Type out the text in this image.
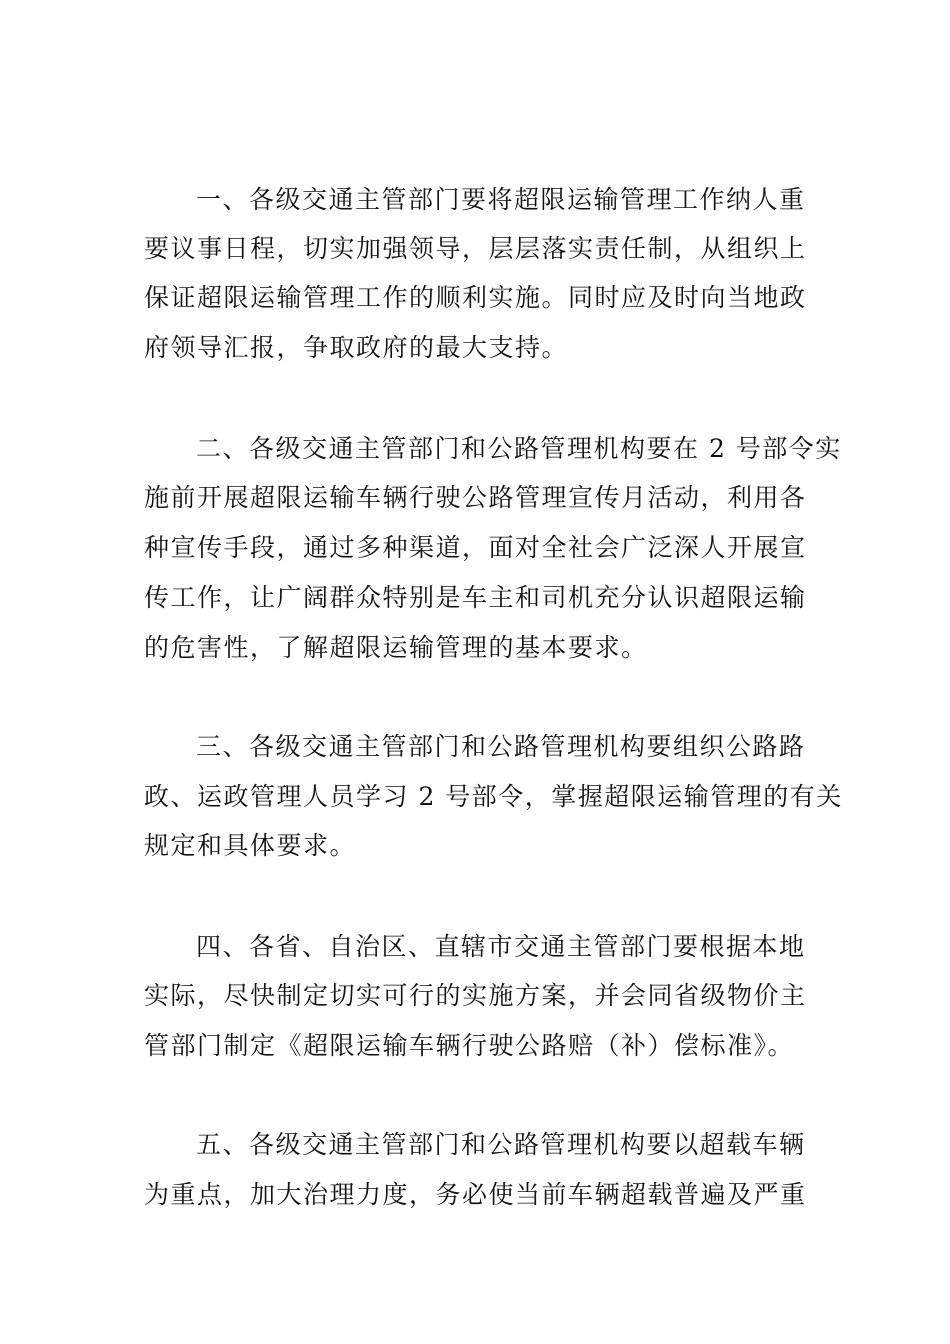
一、各级交通主管部门要将超限运输管理工作纳人重
要议事日程，切实加强领导，层层落实责任制，从组织上
保证超限运输管理工作的顺利实施。同时应及时向当地政
府领导汇报，争取政府的最大支持。
二、各级交通主管部门和公路管理机构要在 2 号部令实
施前开展超限运输车辆行驶公路管理宣传月活动，利用各
种宣传手段，通过多种渠道，面对全社会广泛深人开展宣
传工作，让广阔群众特别是车主和司机充分认识超限运输
的危害性，了解超限运输管理的基本要求。
三、各级交通主管部门和公路管理机构要组织公路路
政、运政管理人员学习 2 号部令，掌握超限运输管理的有关
规定和具体要求。
四、各省、自治区、直辖市交通主管部门要根据本地
实际，尽快制定切实可行的实施方案，并会同省级物价主
管部门制定《超限运输车辆行驶公路赔（补）偿标准》。
五、各级交通主管部门和公路管理机构要以超载车辆
为重点，加大治理力度，务必使当前车辆超载普遍及严重
